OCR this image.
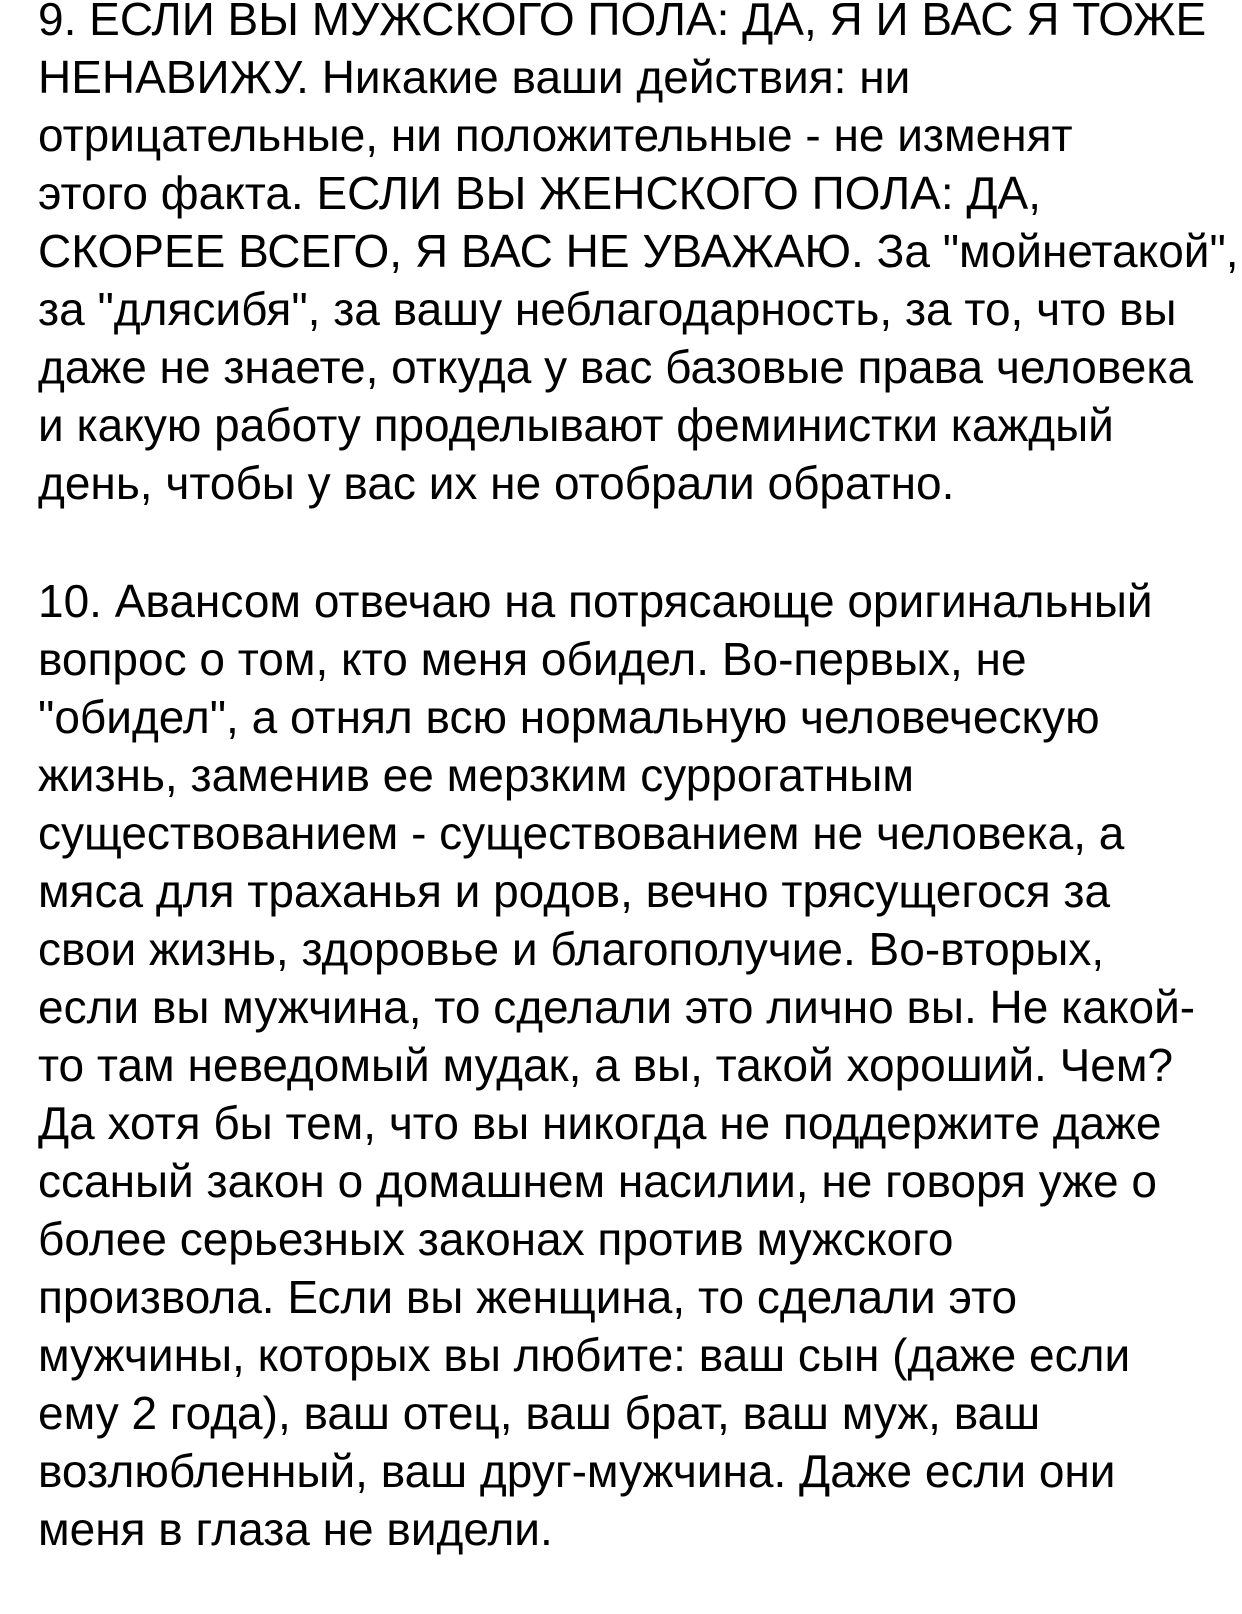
9. ЕСЛИ ВЫ МУЖСКОГО ПОЛА: ДА, Я И ВАС Я ТОЖЕ
НЕНАВИЖУ. Никакие ваши действия: ни
отрицательные, ни положительные - не изменят
этого факта. ЕСЛИ ВЫ ЖЕНСКОГО ПОЛА: ДА,
СКОРЕЕ ВСЕГО, Я ВАС НЕ УВАЖАЮ. За "мойнетакой",
за "длясибя", за вашу неблагодарность, за то, что вы
даже не знаете, откуда у вас базовые права человека
и какую работу проделывают феминистки каждый
день, чтобы у вас их не отобрали обратно.
10. Авансом отвечаю на потрясающе оригинальный
вопрос о том, кто меня обидел. Во-первых, не
"обидел", а отнял всю нормальную человеческую
жизнь, заменив ее мерзким суррогатным
существованием - существованием не человека, а
мяса для траханья и родов, вечно трясущегося за
свои жизнь, здоровье и благополучие. Во-вторых,
если вы мужчина, то сделали это лично вы. Не какой-
то там неведомый мудак, а вы, такой хороший. Чем?
Да хотя бы тем, что вы никогда не поддержите даже
ссаный закон о домашнем насилии, не говоря уже о
более серьезных законах против мужского
произвола. Если вы женщина, то сделали это
мужчины, которых вы любите: ваш сын (даже если
ему 2 года), ваш отец, ваш брат, ваш муж, ваш
возлюбленный, ваш друг-мужчина. Даже если они
меня в глаза не видели.
